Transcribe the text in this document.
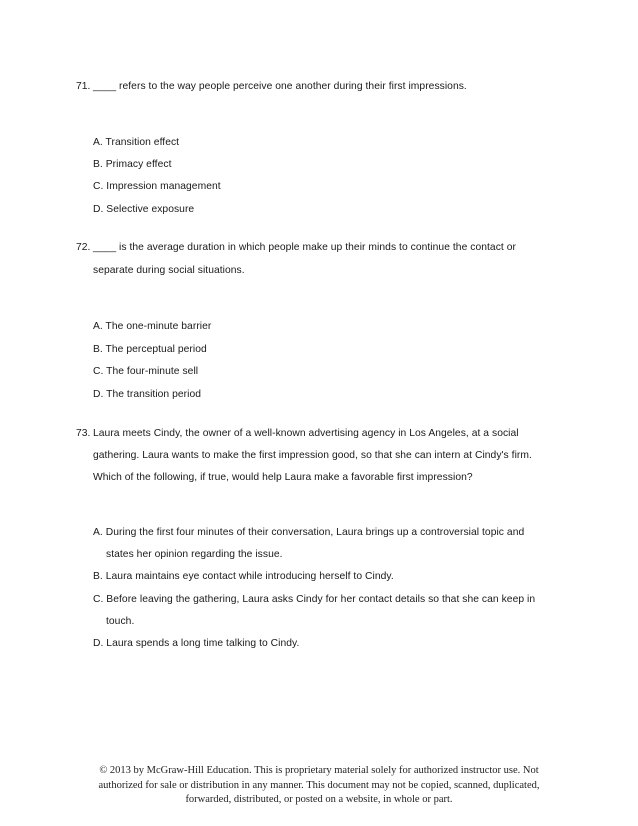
71. ____ refers to the way people perceive one another during their first impressions.
A. Transition effect
B. Primacy effect
C. Impression management
D. Selective exposure
72. ____ is the average duration in which people make up their minds to continue the contact or
separate during social situations.
A. The one-minute barrier
B. The perceptual period
C. The four-minute sell
D. The transition period
73. Laura meets Cindy, the owner of a well-known advertising agency in Los Angeles, at a social
gathering. Laura wants to make the first impression good, so that she can intern at Cindy's firm.
Which of the following, if true, would help Laura make a favorable first impression?
A. During the first four minutes of their conversation, Laura brings up a controversial topic and
states her opinion regarding the issue.
B. Laura maintains eye contact while introducing herself to Cindy.
C. Before leaving the gathering, Laura asks Cindy for her contact details so that she can keep in
touch.
D. Laura spends a long time talking to Cindy.
© 2013 by McGraw-Hill Education. This is proprietary material solely for authorized instructor use. Not
authorized for sale or distribution in any manner. This document may not be copied, scanned, duplicated,
forwarded, distributed, or posted on a website, in whole or part.
